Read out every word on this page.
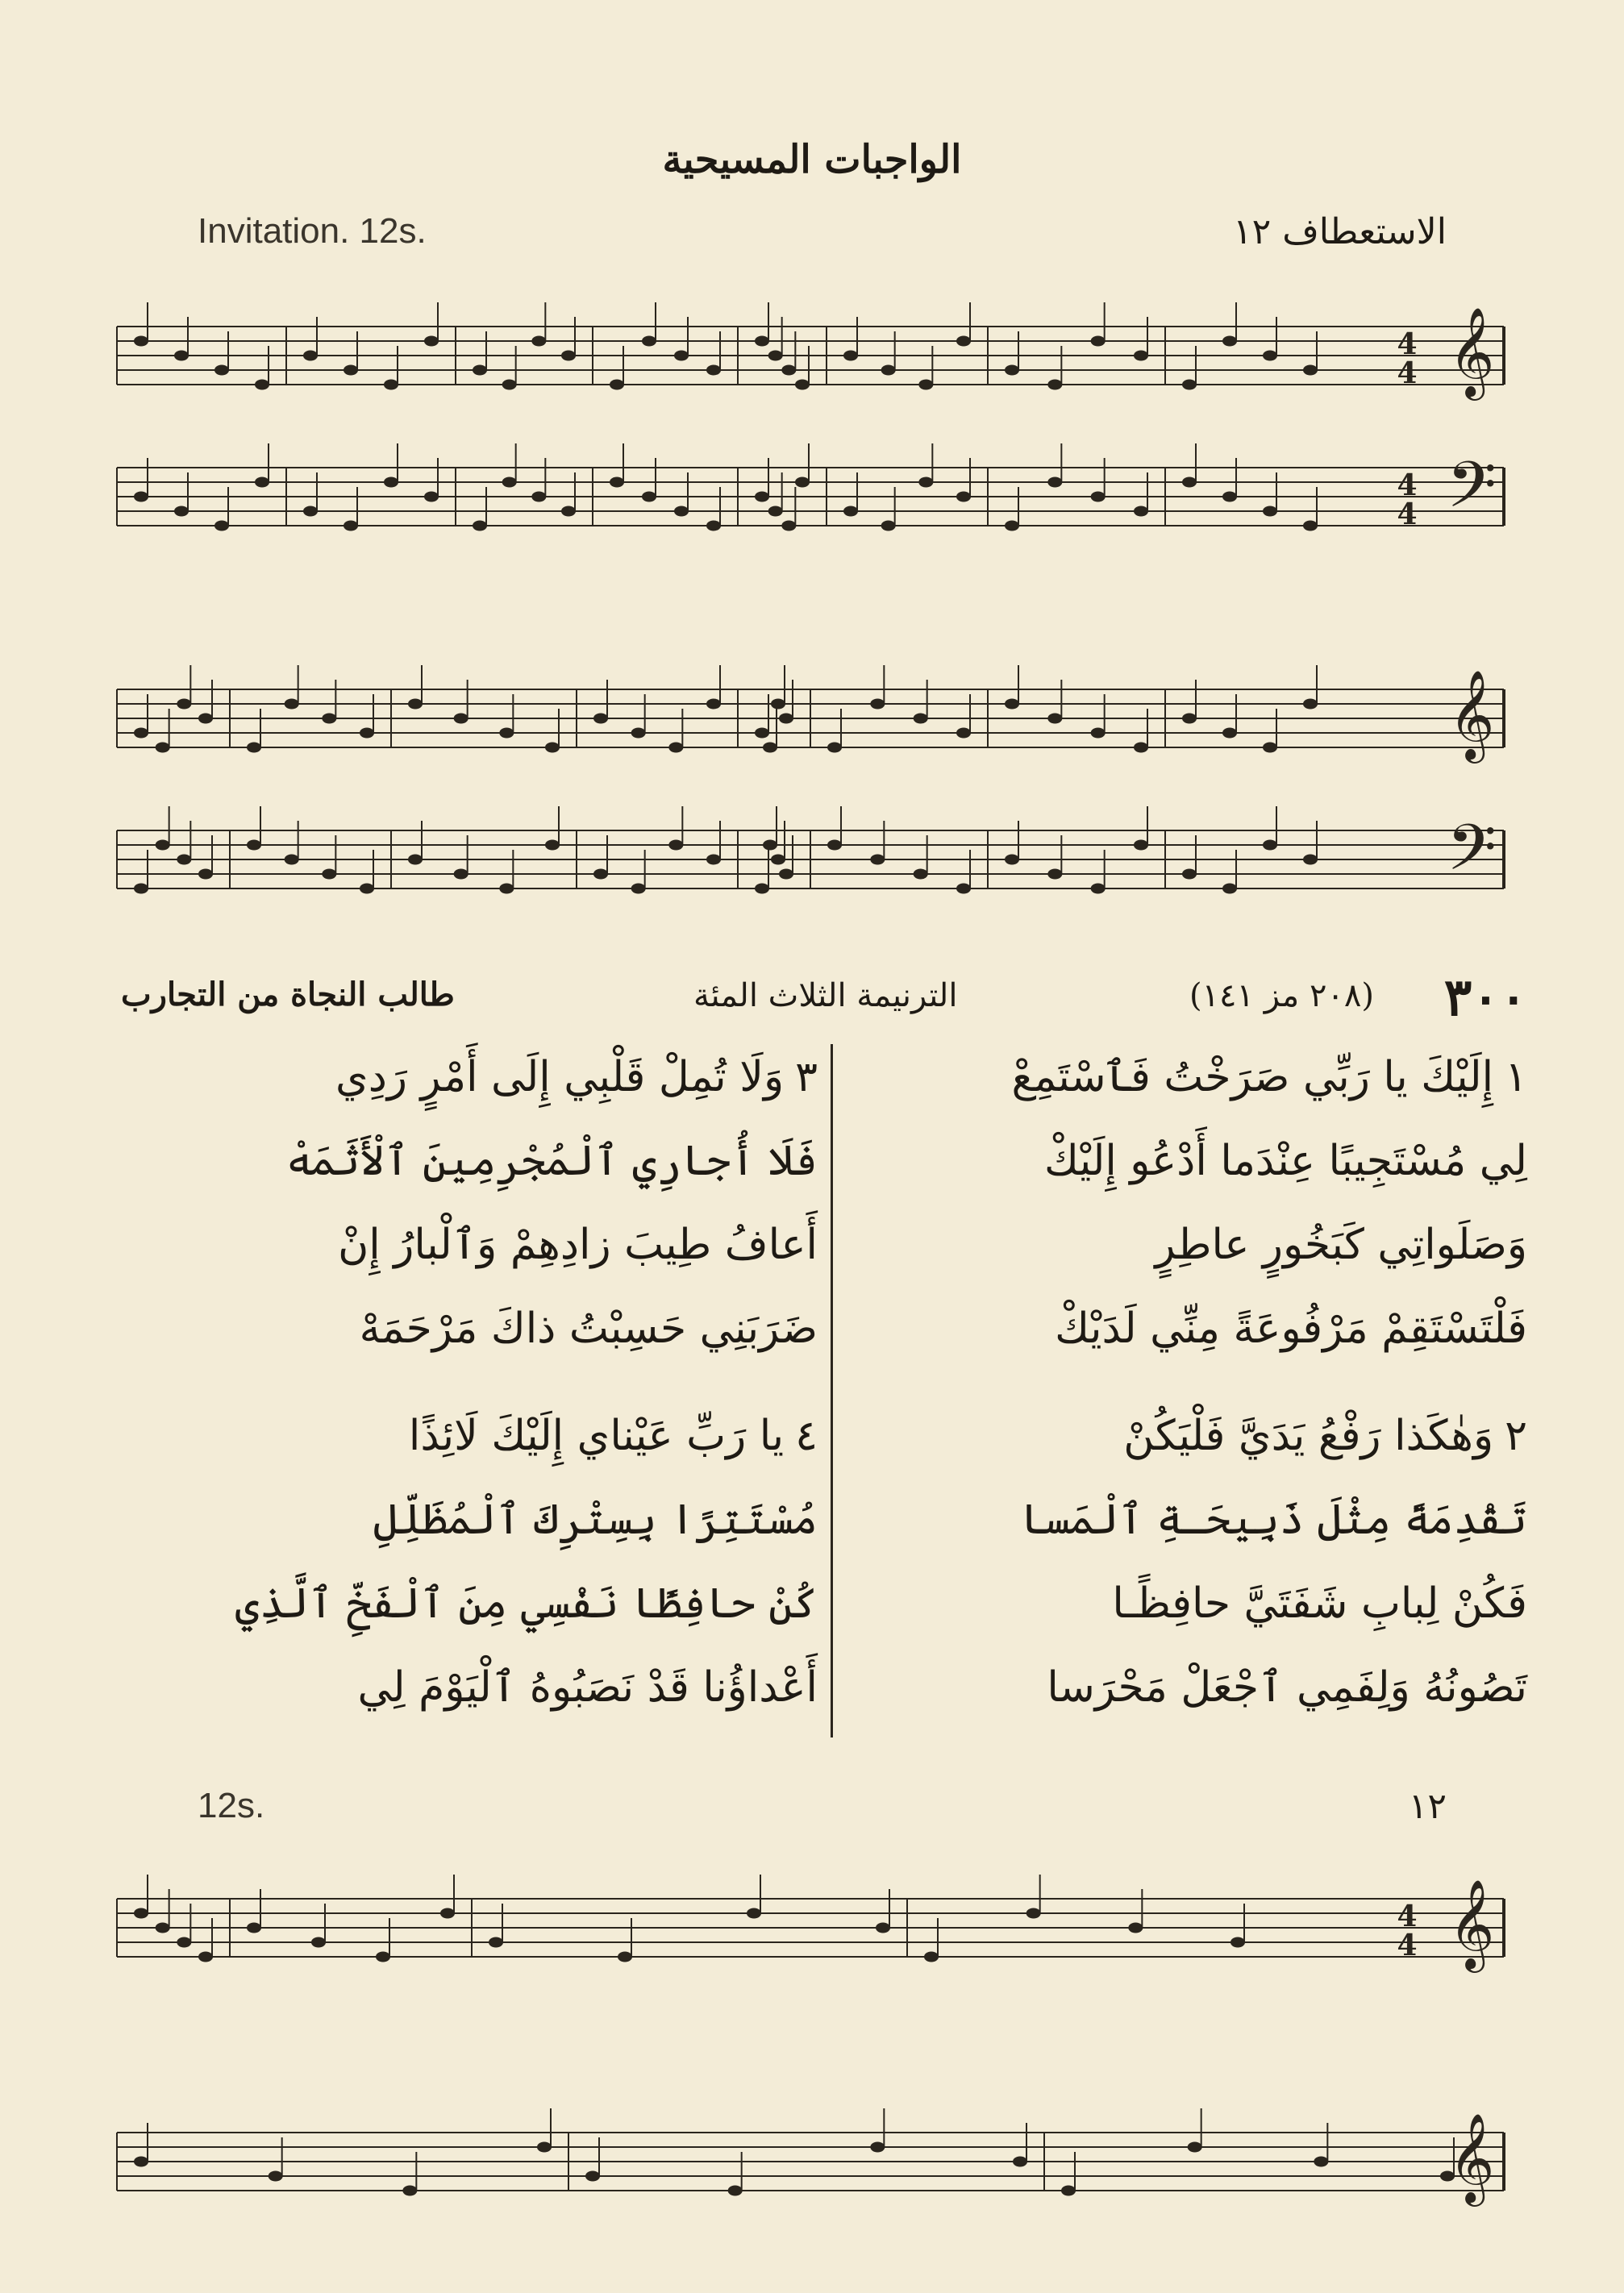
الواجبات المسيحية
Invitation. 12s.	الاستعطاف ١٢
𝄞
4
4
𝄢
4
4
𝄞
𝄢
٣٠٠
(٢٠٨ مز ١٤١)
الترنيمة الثلاث المئة
طالب النجاة من التجارب
١إِلَيْكَ يا رَبِّي صَرَخْتُ فَٱسْتَمِعْ
لِي مُسْتَجِيبًا عِنْدَما أَدْعُو إِلَيْكْ
وَصَلَواتِي كَبَخُورٍ عاطِرٍ
فَلْتَسْتَقِمْ مَرْفُوعَةً مِنِّي لَدَيْكْ
٢وَهٰكَذا رَفْعُ يَدَيَّ فَلْيَكُنْ
تَقْدِمَةً مِثْلَ ذَبِيحَـةِ ٱلْمَسا
فَكُنْ لِبابِ شَفَتَيَّ حافِظًـا
تَصُونُهُ وَلِفَمِي ٱجْعَلْ مَحْرَسا
٣وَلَا تُمِلْ قَلْبِي إِلَى أَمْرٍ رَدِي
فَلَا أُجارِي ٱلْمُجْرِمِينَ ٱلْأَثَمَهْ
أَعافُ طِيبَ زادِهِمْ وَٱلْبارُ إِنْ
ضَرَبَنِي حَسِبْتُ ذاكَ مَرْحَمَهْ
٤يا رَبِّ عَيْناي إِلَيْكَ لَائِذًا
مُسْتَتِرًا بِسِتْرِكَ ٱلْمُظَلِّلِ
كُنْ حافِظًا نَفْسِي مِنَ ٱلْفَخِّ ٱلَّذِي
أَعْداؤُنا قَدْ نَصَبُوهُ ٱلْيَوْمَ لِي
12s.	١٢
𝄞
4
4
𝄞
